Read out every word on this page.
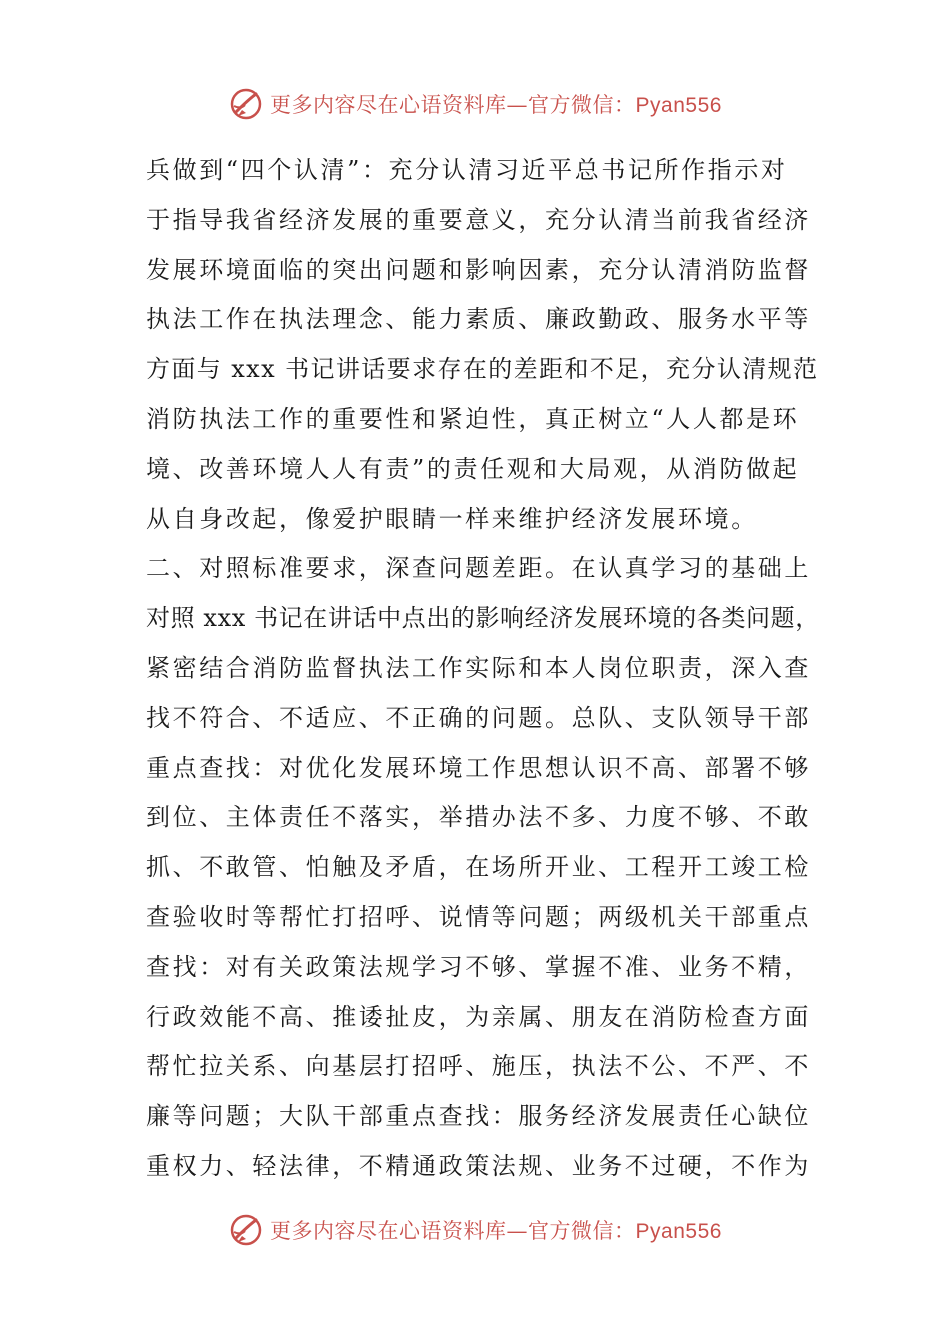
更多内容尽在心语资料库—官方微信：Pyan556
兵做到“四个认清”：充分认清习近平总书记所作指示对
于指导我省经济发展的重要意义，充分认清当前我省经济
发展环境面临的突出问题和影响因素，充分认清消防监督
执法工作在执法理念、能力素质、廉政勤政、服务水平等
方面与 xxx 书记讲话要求存在的差距和不足，充分认清规范
消防执法工作的重要性和紧迫性，真正树立“人人都是环
境、改善环境人人有责”的责任观和大局观，从消防做起
从自身改起，像爱护眼睛一样来维护经济发展环境。
二、对照标准要求，深查问题差距。在认真学习的基础上
对照 xxx 书记在讲话中点出的影响经济发展环境的各类问题，
紧密结合消防监督执法工作实际和本人岗位职责，深入查
找不符合、不适应、不正确的问题。总队、支队领导干部
重点查找：对优化发展环境工作思想认识不高、部署不够
到位、主体责任不落实，举措办法不多、力度不够、不敢
抓、不敢管、怕触及矛盾，在场所开业、工程开工竣工检
查验收时等帮忙打招呼、说情等问题；两级机关干部重点
查找：对有关政策法规学习不够、掌握不准、业务不精，
行政效能不高、推诿扯皮，为亲属、朋友在消防检查方面
帮忙拉关系、向基层打招呼、施压，执法不公、不严、不
廉等问题；大队干部重点查找：服务经济发展责任心缺位
重权力、轻法律，不精通政策法规、业务不过硬，不作为
更多内容尽在心语资料库—官方微信：Pyan556
